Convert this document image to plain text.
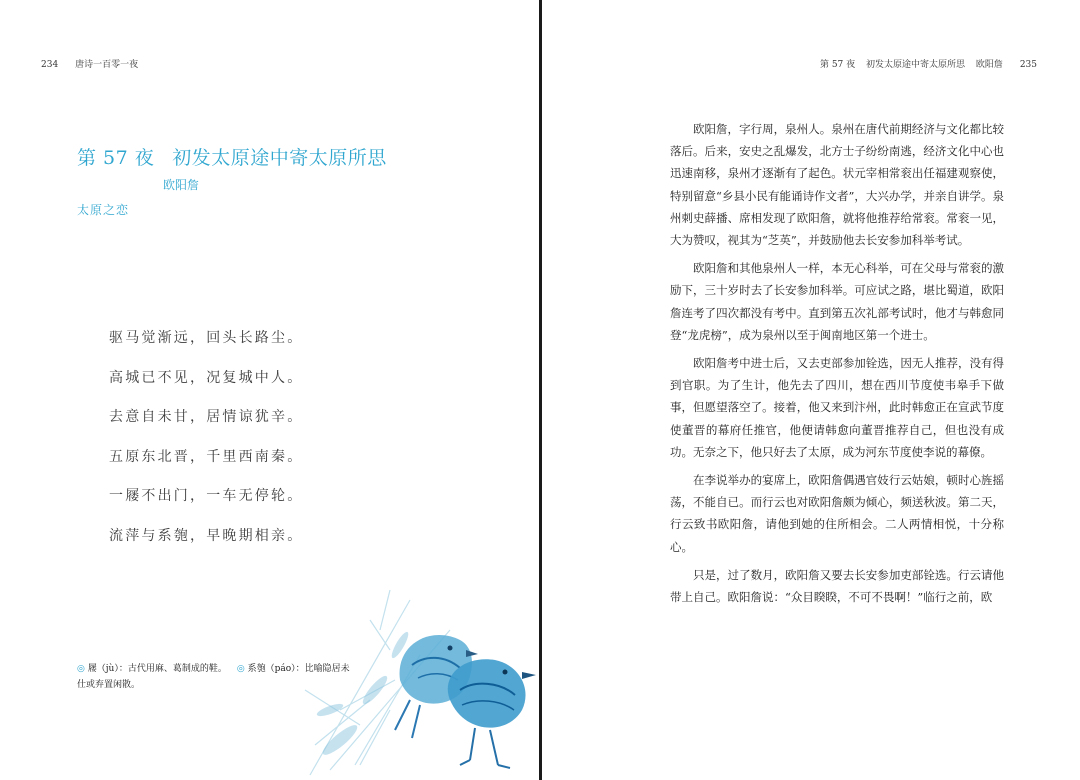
234 唐诗一百零一夜
第 57 夜 初发太原途中寄太原所思
欧阳詹
太原之恋
驱马觉渐远，回头长路尘。
高城已不见，况复城中人。
去意自未甘，居情谅犹辛。
五原东北晋，千里西南秦。
一屦不出门，一车无停轮。
流萍与系匏，早晚期相亲。
◎ 屦（jù）：古代用麻、葛制成的鞋。 ◎ 系匏（páo）：比喻隐居未仕或弃置闲散。
第 57 夜 初发太原途中寄太原所思 欧阳詹 235

欧阳詹，字行周，泉州人。泉州在唐代前期经济与文化都比较落后。后来，安史之乱爆发，北方士子纷纷南逃，经济文化中心也迅速南移，泉州才逐渐有了起色。状元宰相常衮出任福建观察使，特别留意“乡县小民有能诵诗作文者”，大兴办学，并亲自讲学。泉州刺史薛播、席相发现了欧阳詹，就将他推荐给常衮。常衮一见，大为赞叹，视其为“芝英”，并鼓励他去长安参加科举考试。

欧阳詹和其他泉州人一样，本无心科举，可在父母与常衮的激励下，三十岁时去了长安参加科举。可应试之路，堪比蜀道，欧阳詹连考了四次都没有考中。直到第五次礼部考试时，他才与韩愈同登“龙虎榜”，成为泉州以至于闽南地区第一个进士。

欧阳詹考中进士后，又去吏部参加铨选，因无人推荐，没有得到官职。为了生计，他先去了四川，想在西川节度使韦皋手下做事，但愿望落空了。接着，他又来到汴州，此时韩愈正在宣武节度使董晋的幕府任推官，他便请韩愈向董晋推荐自己，但也没有成功。无奈之下，他只好去了太原，成为河东节度使李说的幕僚。

在李说举办的宴席上，欧阳詹偶遇官妓行云姑娘，顿时心旌摇荡，不能自已。而行云也对欧阳詹颇为倾心，频送秋波。第二天，行云致书欧阳詹，请他到她的住所相会。二人两情相悦，十分称心。

只是，过了数月，欧阳詹又要去长安参加吏部铨选。行云请他带上自己。欧阳詹说：“众目睽睽，不可不畏啊！”临行之前，欧
